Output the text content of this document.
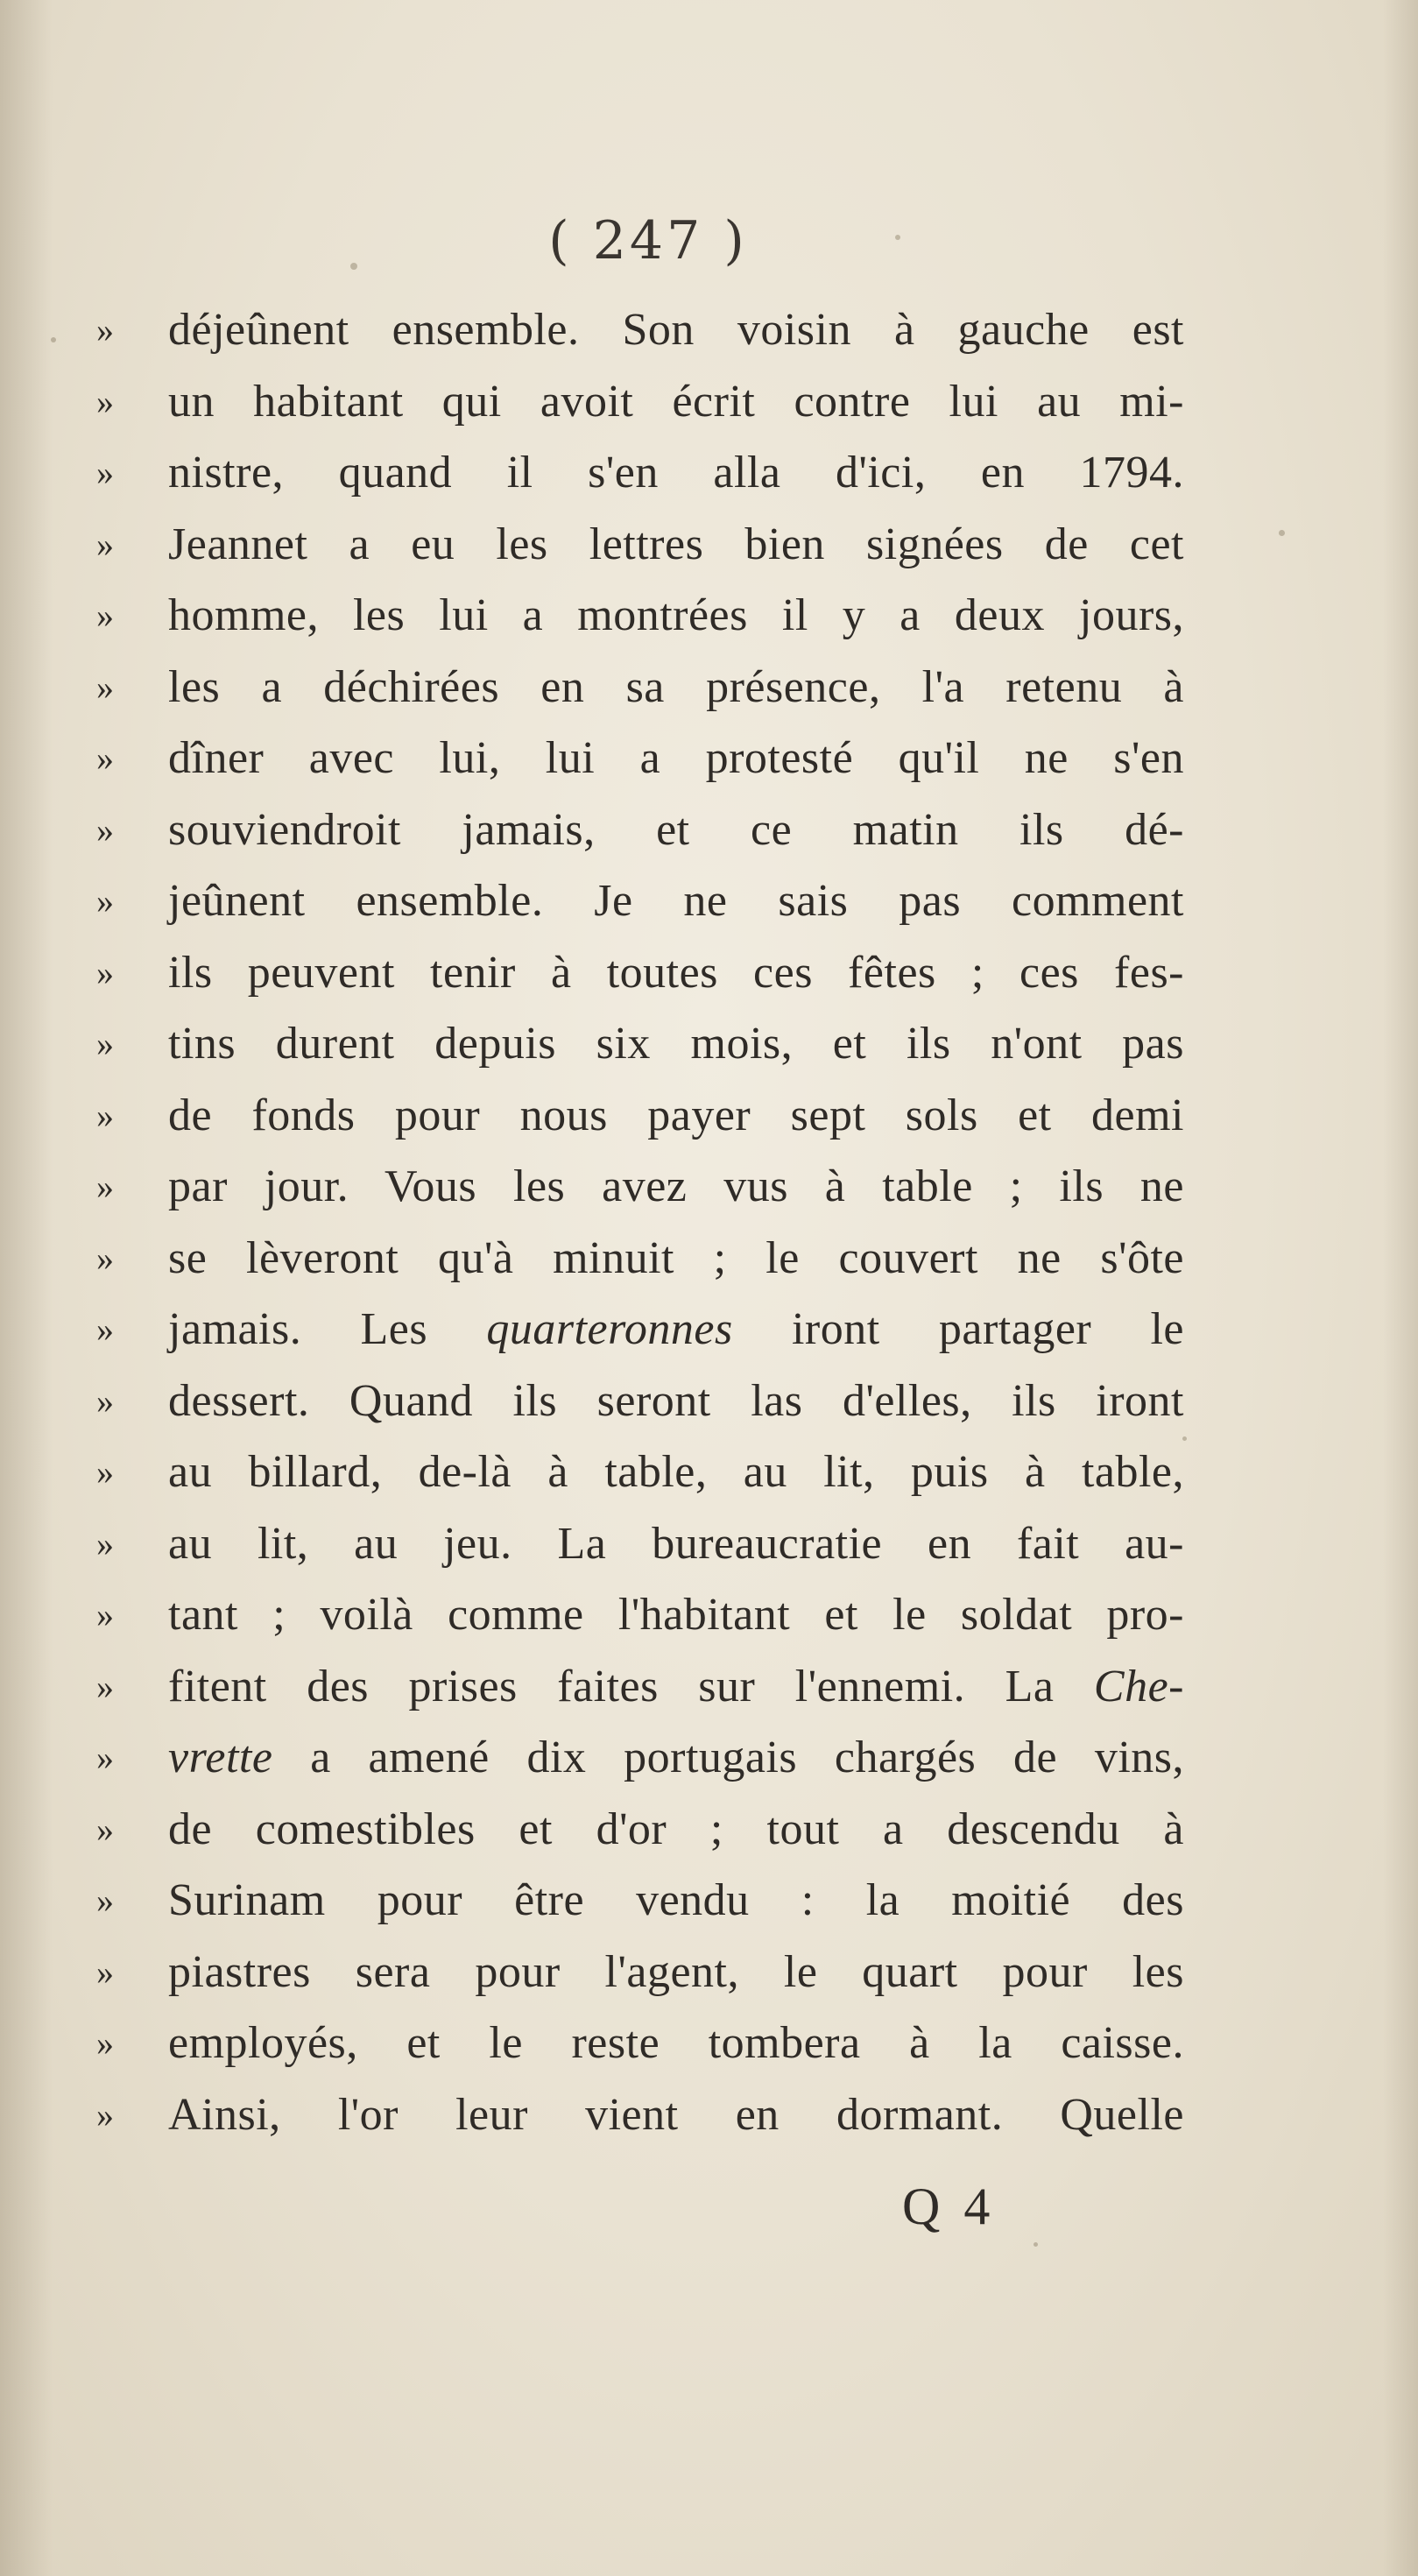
( 247 )
»	déjeûnent ensemble. Son voisin à gauche est
»	un habitant qui avoit écrit contre lui au mi-
»	nistre, quand il s'en alla d'ici, en 1794.
»	Jeannet a eu les lettres bien signées de cet
»	homme, les lui a montrées il y a deux jours,
»	les a déchirées en sa présence, l'a retenu à
»	dîner avec lui, lui a protesté qu'il ne s'en
»	souviendroit jamais, et ce matin ils dé-
»	jeûnent ensemble. Je ne sais pas comment
»	ils peuvent tenir à toutes ces fêtes ; ces fes-
»	tins durent depuis six mois, et ils n'ont pas
»	de fonds pour nous payer sept sols et demi
»	par jour. Vous les avez vus à table ; ils ne
»	se lèveront qu'à minuit ; le couvert ne s'ôte
»	jamais. Les quarteronnes iront partager le
»	dessert. Quand ils seront las d'elles, ils iront
»	au billard, de-là à table, au lit, puis à table,
»	au lit, au jeu. La bureaucratie en fait au-
»	tant ; voilà comme l'habitant et le soldat pro-
»	fitent des prises faites sur l'ennemi. La Che-
»	vrette a amené dix portugais chargés de vins,
»	de comestibles et d'or ; tout a descendu à
»	Surinam pour être vendu : la moitié des
»	piastres sera pour l'agent, le quart pour les
»	employés, et le reste tombera à la caisse.
»	Ainsi, l'or leur vient en dormant. Quelle
Q 4
